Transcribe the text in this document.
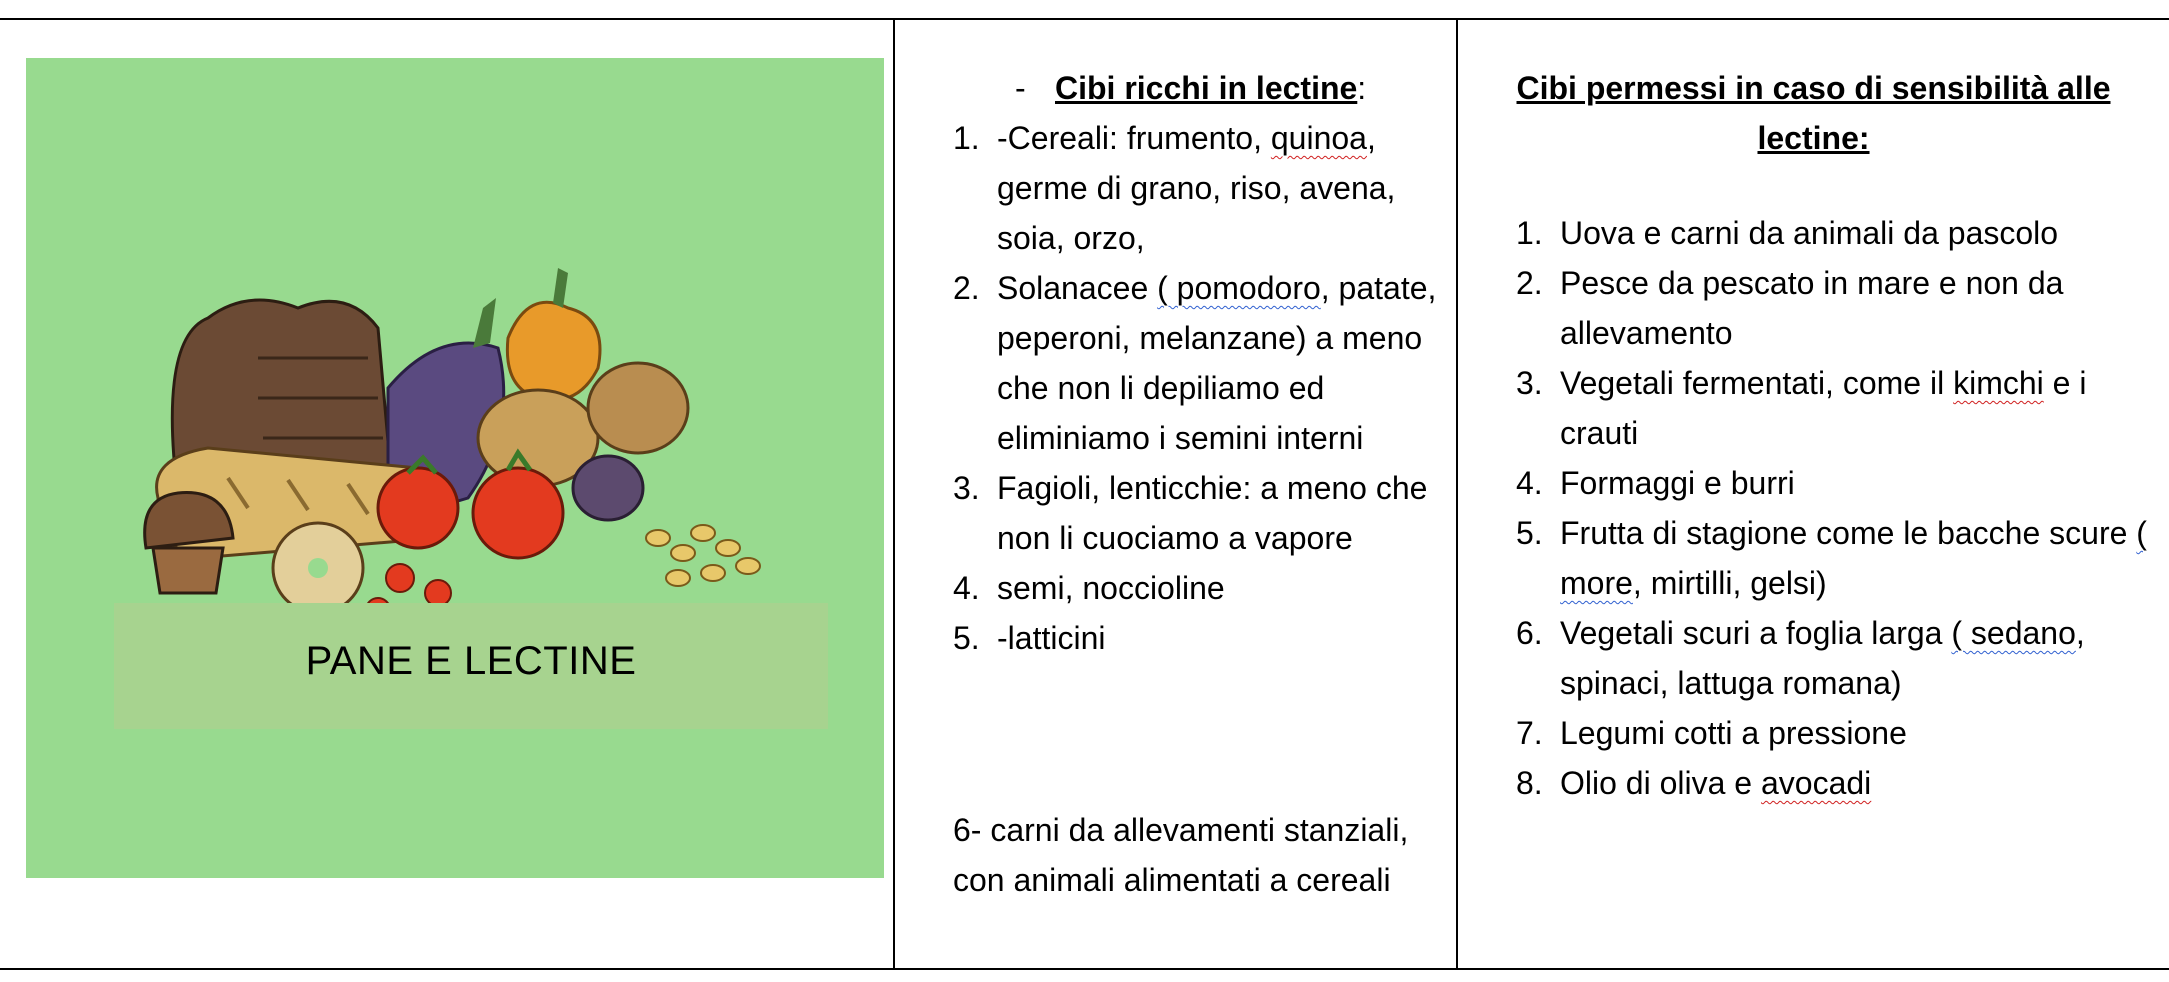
PANE E LECTINE
- Cibi ricchi in lectine:
1. -Cereali: frumento, quinoa, germe di grano, riso, avena, soia, orzo,
2. Solanacee ( pomodoro, patate, peperoni, melanzane) a meno che non li depiliamo ed eliminiamo i semini interni
3. Fagioli, lenticchie: a meno che non li cuociamo a vapore
4. semi, noccioline
5. -latticini
6- carni da allevamenti stanziali, con animali alimentati a cereali
Cibi permessi in caso di sensibilità alle lectine:
1. Uova e carni da animali da pascolo
2. Pesce da pescato in mare e non da allevamento
3. Vegetali fermentati, come il kimchi e i crauti
4. Formaggi e burri
5. Frutta di stagione come le bacche scure ( more, mirtilli, gelsi)
6. Vegetali scuri a foglia larga ( sedano, spinaci, lattuga romana)
7. Legumi cotti a pressione
8. Olio di oliva e avocadi
